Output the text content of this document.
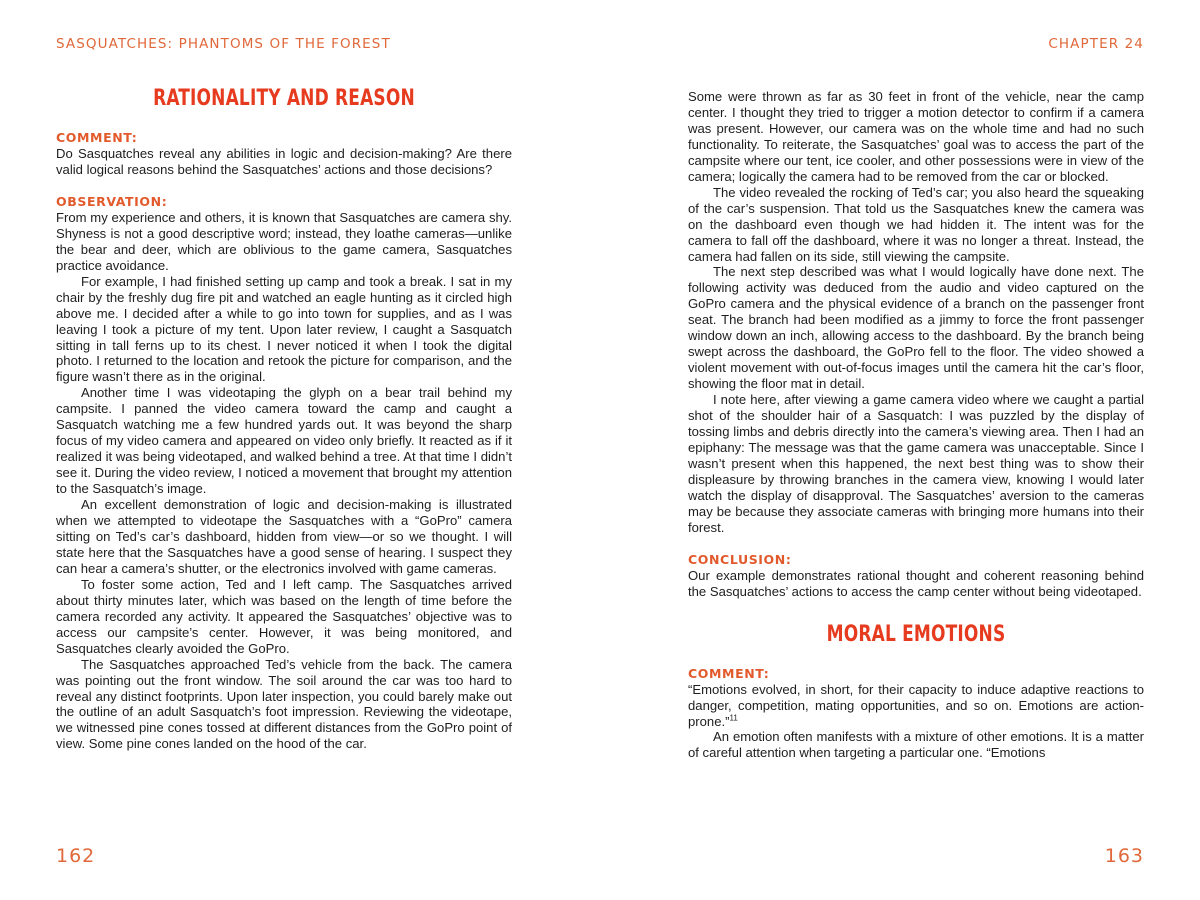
SASQUATCHES: PHANTOMS OF THE FOREST	CHAPTER 24
RATIONALITY AND REASON
COMMENT:

Do Sasquatches reveal any abilities in logic and decision-making? Are there valid logical reasons behind the Sasquatches’ actions and those decisions?

OBSERVATION:

From my experience and others, it is known that Sasquatches are camera shy. Shyness is not a good descriptive word; instead, they loathe cameras—unlike the bear and deer, which are oblivious to the game camera, Sasquatches practice avoidance.

For example, I had finished setting up camp and took a break. I sat in my chair by the freshly dug fire pit and watched an eagle hunting as it circled high above me. I decided after a while to go into town for supplies, and as I was leaving I took a picture of my tent. Upon later review, I caught a Sasquatch sitting in tall ferns up to its chest. I never noticed it when I took the digital photo. I returned to the location and retook the picture for comparison, and the figure wasn’t there as in the original.

Another time I was videotaping the glyph on a bear trail behind my campsite. I panned the video camera toward the camp and caught a Sasquatch watching me a few hundred yards out. It was beyond the sharp focus of my video camera and appeared on video only briefly. It reacted as if it realized it was being videotaped, and walked behind a tree. At that time I didn’t see it. During the video review, I noticed a movement that brought my attention to the Sasquatch’s image.

An excellent demonstration of logic and decision-making is illustrated when we attempted to videotape the Sasquatches with a “GoPro” camera sitting on Ted’s car’s dashboard, hidden from view—or so we thought. I will state here that the Sasquatches have a good sense of hearing. I suspect they can hear a camera’s shutter, or the electronics involved with game cameras.

To foster some action, Ted and I left camp. The Sasquatches arrived about thirty minutes later, which was based on the length of time before the camera recorded any activity. It appeared the Sasquatches’ objective was to access our campsite’s center. However, it was being monitored, and Sasquatches clearly avoided the GoPro.

The Sasquatches approached Ted’s vehicle from the back. The camera was pointing out the front window. The soil around the car was too hard to reveal any distinct footprints. Upon later inspection, you could barely make out the outline of an adult Sasquatch’s foot impression. Reviewing the videotape, we witnessed pine cones tossed at different distances from the GoPro point of view. Some pine cones landed on the hood of the car.

Some were thrown as far as 30 feet in front of the vehicle, near the camp center. I thought they tried to trigger a motion detector to confirm if a camera was present. However, our camera was on the whole time and had no such functionality. To reiterate, the Sasquatches’ goal was to access the part of the campsite where our tent, ice cooler, and other possessions were in view of the camera; logically the camera had to be removed from the car or blocked.

The video revealed the rocking of Ted’s car; you also heard the squeaking of the car’s suspension. That told us the Sasquatches knew the camera was on the dashboard even though we had hidden it. The intent was for the camera to fall off the dashboard, where it was no longer a threat. Instead, the camera had fallen on its side, still viewing the campsite.

The next step described was what I would logically have done next. The following activity was deduced from the audio and video captured on the GoPro camera and the physical evidence of a branch on the passenger front seat. The branch had been modified as a jimmy to force the front passenger window down an inch, allowing access to the dashboard. By the branch being swept across the dashboard, the GoPro fell to the floor. The video showed a violent movement with out-of-focus images until the camera hit the car’s floor, showing the floor mat in detail.

I note here, after viewing a game camera video where we caught a partial shot of the shoulder hair of a Sasquatch: I was puzzled by the display of tossing limbs and debris directly into the camera’s viewing area. Then I had an epiphany: The message was that the game camera was unacceptable. Since I wasn’t present when this happened, the next best thing was to show their displeasure by throwing branches in the camera view, knowing I would later watch the display of disapproval. The Sasquatches’ aversion to the cameras may be because they associate cameras with bringing more humans into their forest.

CONCLUSION:

Our example demonstrates rational thought and coherent reasoning behind the Sasquatches’ actions to access the camp center without being videotaped.

MORAL EMOTIONS
COMMENT:

“Emotions evolved, in short, for their capacity to induce adaptive reactions to danger, competition, mating opportunities, and so on. Emotions are action-prone.”$^{11}$

An emotion often manifests with a mixture of other emotions. It is a matter of careful attention when targeting a particular one. “Emotions

162	163
